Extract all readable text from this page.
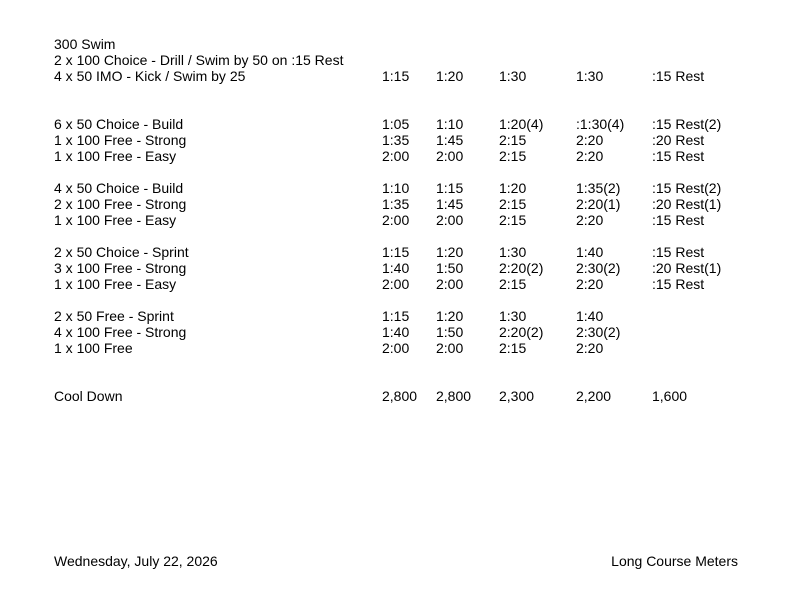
300 Swim
2 x 100 Choice - Drill / Swim by 50 on :15 Rest
4 x 50 IMO - Kick / Swim by 25	1:15 1:20	1:30	1:30	:15 Rest
6 x 50 Choice - Build	1:05 1:10	1:20(4) :1:30(4) :15 Rest(2)
1 x 100 Free - Strong	1:35 1:45	2:15	2:20	:20 Rest
1 x 100 Free - Easy	2:00 2:00	2:15	2:20	:15 Rest
4 x 50 Choice - Build	1:10 1:15	1:20	1:35(2) :15 Rest(2)
2 x 100 Free - Strong	1:35 1:45	2:15	2:20(1) :20 Rest(1)
1 x 100 Free - Easy	2:00 2:00	2:15	2:20	:15 Rest
2 x 50 Choice - Sprint	1:15 1:20	1:30	1:40	:15 Rest
3 x 100 Free - Strong	1:40 1:50	2:20(2) 2:30(2) :20 Rest(1)
1 x 100 Free - Easy	2:00 2:00	2:15	2:20	:15 Rest
2 x 50 Free - Sprint	1:15 1:20	1:30	1:40
4 x 100 Free - Strong	1:40 1:50	2:20(2) 2:30(2)
1 x 100 Free	2:00 2:00	2:15	2:20
Cool Down	2,800 2,800 2,300	2,200	1,600
Wednesday, July 22, 2026	Long Course Meters
